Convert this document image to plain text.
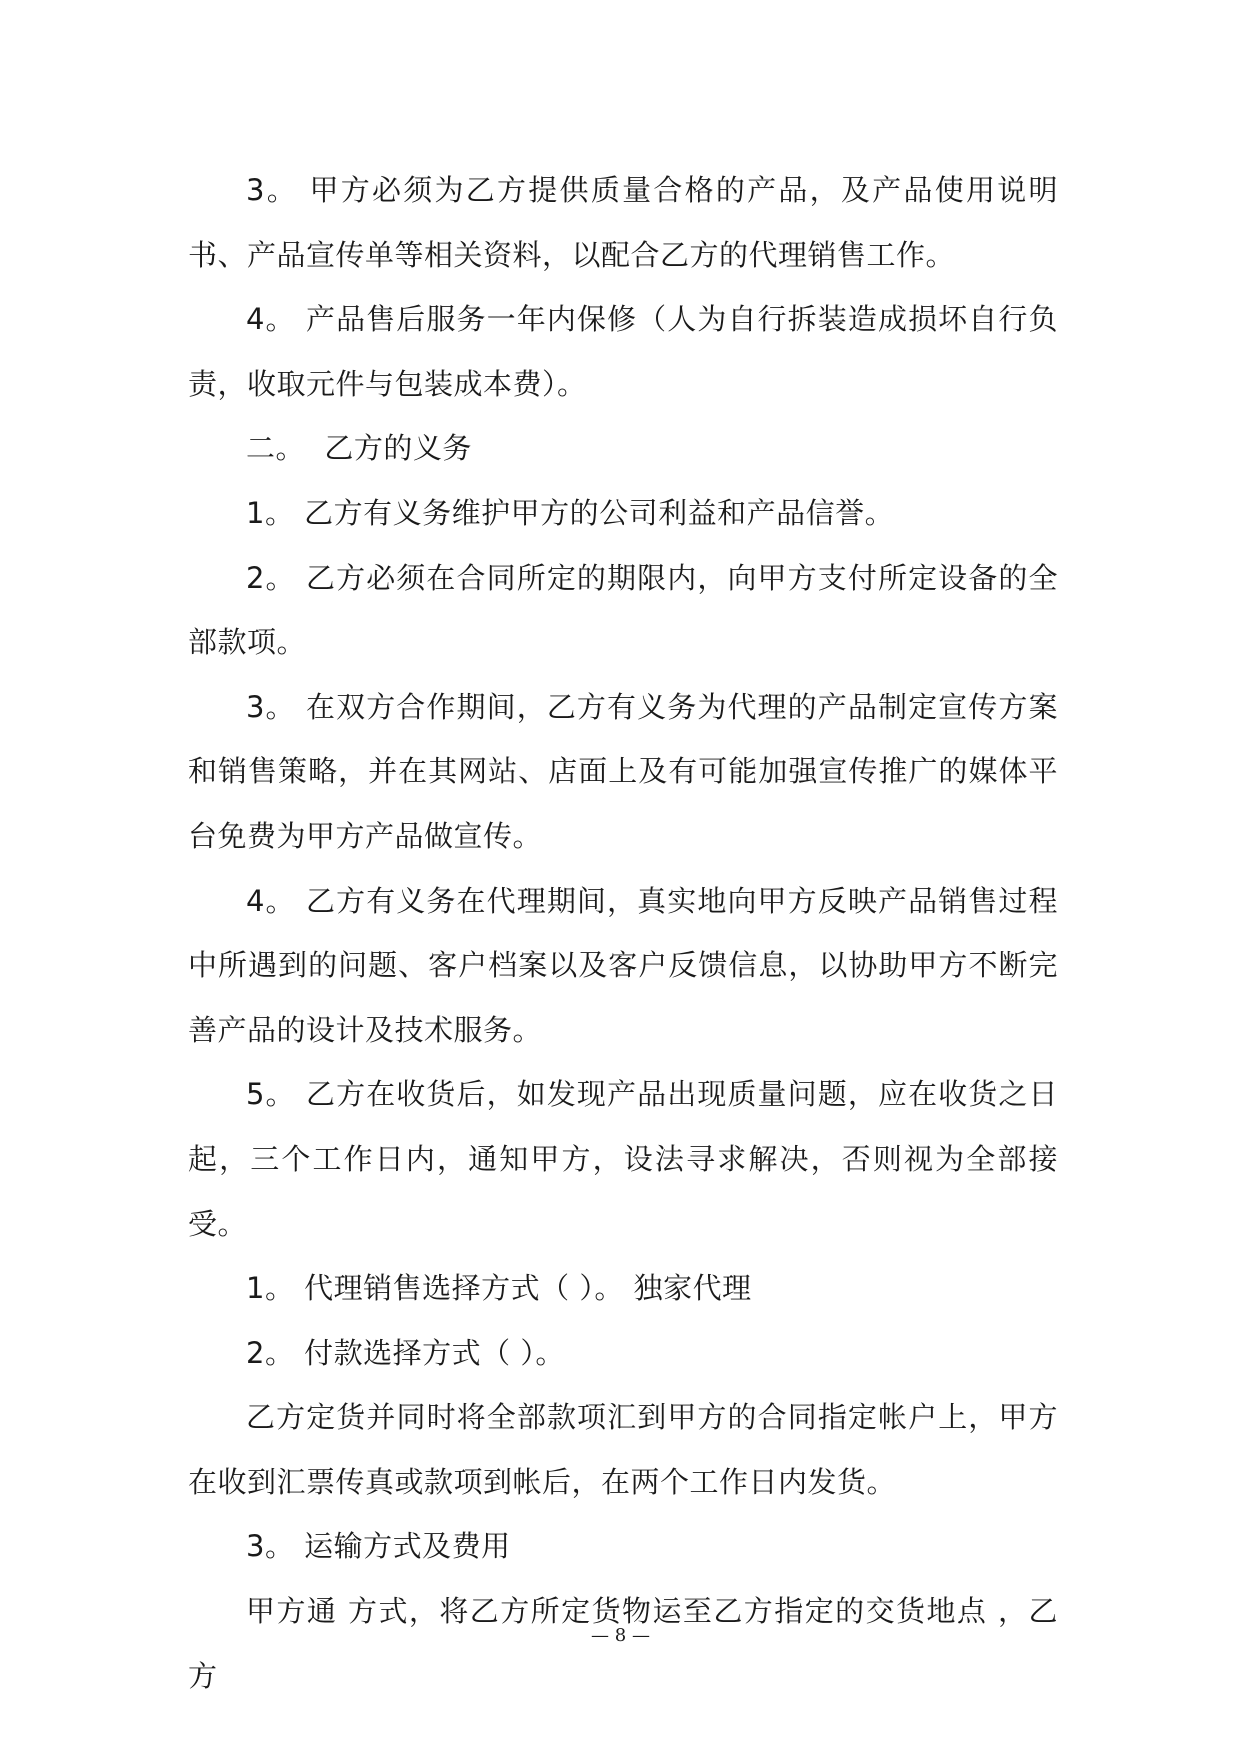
3。 甲方必须为乙方提供质量合格的产品，及产品使用说明书、产品宣传单等相关资料，以配合乙方的代理销售工作。

4。 产品售后服务一年内保修（人为自行拆装造成损坏自行负责，收取元件与包装成本费）。

二。  乙方的义务

1。 乙方有义务维护甲方的公司利益和产品信誉。

2。 乙方必须在合同所定的期限内，向甲方支付所定设备的全部款项。

3。 在双方合作期间，乙方有义务为代理的产品制定宣传方案和销售策略，并在其网站、店面上及有可能加强宣传推广的媒体平台免费为甲方产品做宣传。

4。 乙方有义务在代理期间，真实地向甲方反映产品销售过程中所遇到的问题、客户档案以及客户反馈信息，以协助甲方不断完善产品的设计及技术服务。

5。 乙方在收货后，如发现产品出现质量问题，应在收货之日起，三个工作日内，通知甲方，设法寻求解决，否则视为全部接受。

1。 代理销售选择方式（ ）。 独家代理

2。 付款选择方式（ ）。

乙方定货并同时将全部款项汇到甲方的合同指定帐户上，甲方在收到汇票传真或款项到帐后，在两个工作日内发货。

3。 运输方式及费用

甲方通 方式，将乙方所定货物运至乙方指定的交货地点 ，乙方

— 8 —
